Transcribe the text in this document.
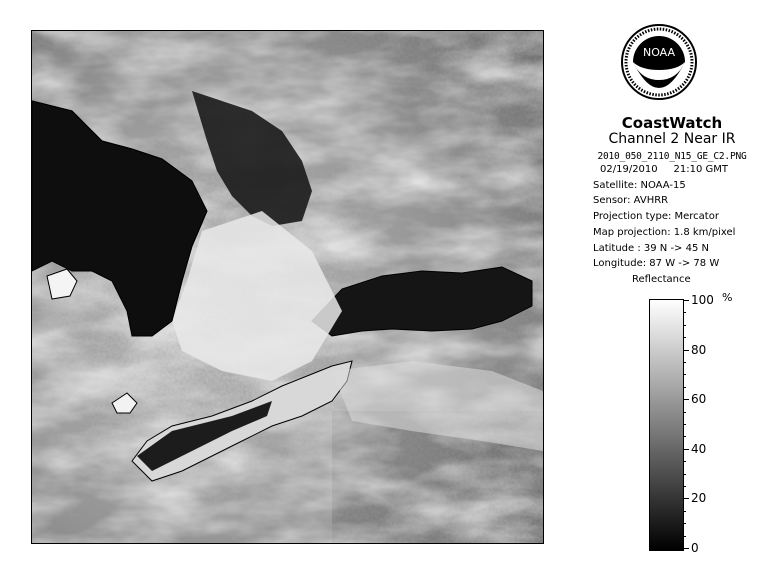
NOAA
CoastWatch
Channel 2 Near IR
2010_050_2110_N15_GE_C2.PNG
02/19/2010 21:10 GMT
Satellite: NOAA-15
Sensor: AVHRR
Projection type: Mercator
Map projection: 1.8 km/pixel
Latitude : 39 N -> 45 N
Longitude: 87 W -> 78 W
Reflectance
%
100
80
60
40
20
0
